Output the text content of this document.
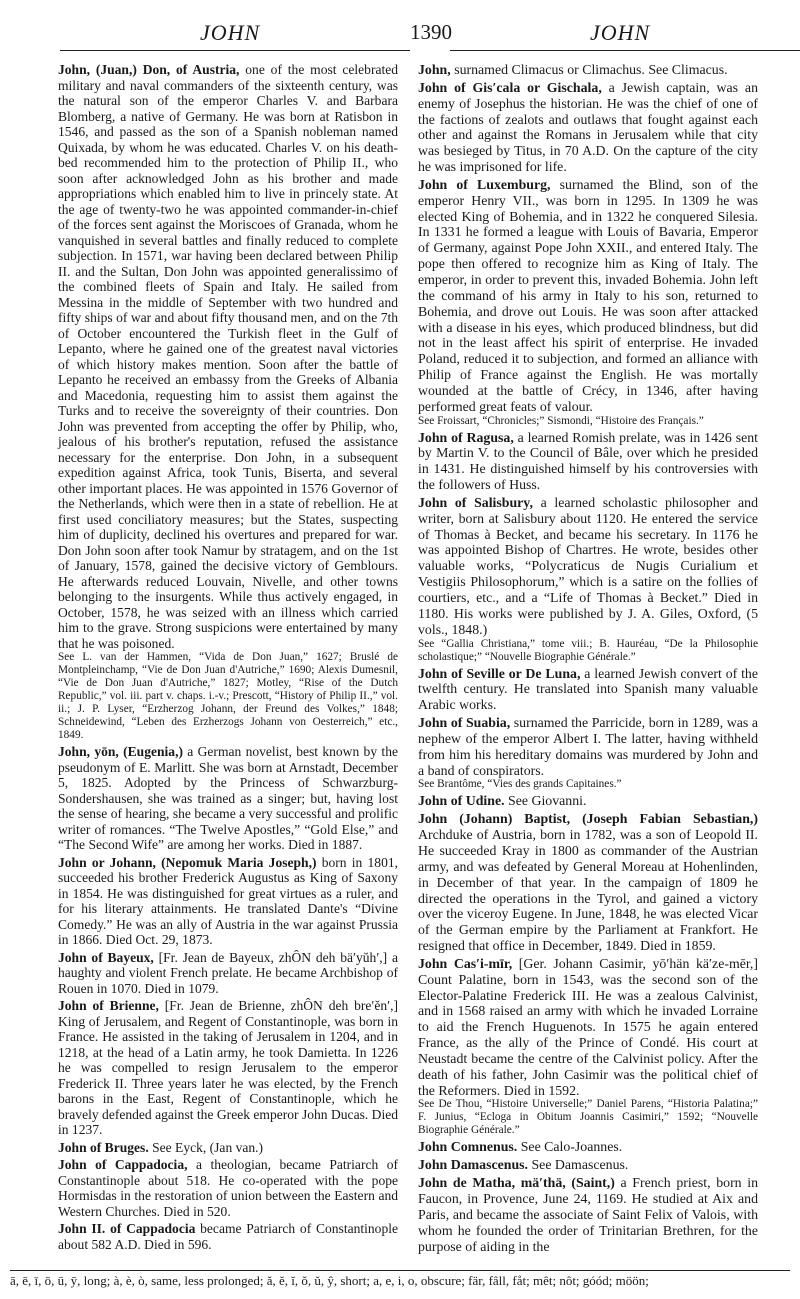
JOHN	1390	JOHN

John, (Juan,) Don, of Austria, one of the most celebrated military and naval commanders of the sixteenth century, was the natural son of the emperor Charles V. and Barbara Blomberg, a native of Germany. He was born at Ratisbon in 1546, and passed as the son of a Spanish nobleman named Quixada, by whom he was educated. Charles V. on his death-bed recommended him to the protection of Philip II., who soon after acknowledged John as his brother and made appropriations which enabled him to live in princely state. At the age of twenty-two he was appointed commander-in-chief of the forces sent against the Moriscoes of Granada, whom he vanquished in several battles and finally reduced to complete subjection. In 1571, war having been declared between Philip II. and the Sultan, Don John was appointed generalissimo of the combined fleets of Spain and Italy. He sailed from Messina in the middle of September with two hundred and fifty ships of war and about fifty thousand men, and on the 7th of October encountered the Turkish fleet in the Gulf of Lepanto, where he gained one of the greatest naval victories of which history makes mention. Soon after the battle of Lepanto he received an embassy from the Greeks of Albania and Macedonia, requesting him to assist them against the Turks and to receive the sovereignty of their countries. Don John was prevented from accepting the offer by Philip, who, jealous of his brother's reputation, refused the assistance necessary for the enterprise. Don John, in a subsequent expedition against Africa, took Tunis, Biserta, and several other important places. He was appointed in 1576 Governor of the Netherlands, which were then in a state of rebellion. He at first used conciliatory measures; but the States, suspecting him of duplicity, declined his overtures and prepared for war. Don John soon after took Namur by stratagem, and on the 1st of January, 1578, gained the decisive victory of Gemblours. He afterwards reduced Louvain, Nivelle, and other towns belonging to the insurgents. While thus actively engaged, in October, 1578, he was seized with an illness which carried him to the grave. Strong suspicions were entertained by many that he was poisoned.
See L. van der Hammen, “Vida de Don Juan,” 1627; Bruslé de Montpleinchamp, “Vie de Don Juan d'Autriche,” 1690; Alexis Dumesnil, “Vie de Don Juan d'Autriche,” 1827; Motley, “Rise of the Dutch Republic,” vol. iii. part v. chaps. i.-v.; Prescott, “History of Philip II.,” vol. ii.; J. P. Lyser, “Erzherzog Johann, der Freund des Volkes,” 1848; Schneidewind, “Leben des Erzherzogs Johann von Oesterreich,” etc., 1849.

John, yōn, (Eugenia,) a German novelist, best known by the pseudonym of E. Marlitt. She was born at Arnstadt, December 5, 1825. Adopted by the Princess of Schwarzburg-Sondershausen, she was trained as a singer; but, having lost the sense of hearing, she became a very successful and prolific writer of romances. “The Twelve Apostles,” “Gold Else,” and “The Second Wife” are among her works. Died in 1887.

John or Johann, (Nepomuk Maria Joseph,) born in 1801, succeeded his brother Frederick Augustus as King of Saxony in 1854. He was distinguished for great virtues as a ruler, and for his literary attainments. He translated Dante's “Divine Comedy.” He was an ally of Austria in the war against Prussia in 1866. Died Oct. 29, 1873.

John of Bayeux, [Fr. Jean de Bayeux, zhÔN deh bä′yŭh′,] a haughty and violent French prelate. He became Archbishop of Rouen in 1070. Died in 1079.

John of Brienne, [Fr. Jean de Brienne, zhÔN deh bre′ĕn′,] King of Jerusalem, and Regent of Constantinople, was born in France. He assisted in the taking of Jerusalem in 1204, and in 1218, at the head of a Latin army, he took Damietta. In 1226 he was compelled to resign Jerusalem to the emperor Frederick II. Three years later he was elected, by the French barons in the East, Regent of Constantinople, which he bravely defended against the Greek emperor John Ducas. Died in 1237.

John of Bruges. See Eyck, (Jan van.)

John of Cappadocia, a theologian, became Patriarch of Constantinople about 518. He co-operated with the pope Hormisdas in the restoration of union between the Eastern and Western Churches. Died in 520.

John II. of Cappadocia became Patriarch of Constantinople about 582 A.D. Died in 596.

John, surnamed Climacus or Climachus. See Climacus.

John of Gis′cala or Gischala, a Jewish captain, was an enemy of Josephus the historian. He was the chief of one of the factions of zealots and outlaws that fought against each other and against the Romans in Jerusalem while that city was besieged by Titus, in 70 A.D. On the capture of the city he was imprisoned for life.

John of Luxemburg, surnamed the Blind, son of the emperor Henry VII., was born in 1295. In 1309 he was elected King of Bohemia, and in 1322 he conquered Silesia. In 1331 he formed a league with Louis of Bavaria, Emperor of Germany, against Pope John XXII., and entered Italy. The pope then offered to recognize him as King of Italy. The emperor, in order to prevent this, invaded Bohemia. John left the command of his army in Italy to his son, returned to Bohemia, and drove out Louis. He was soon after attacked with a disease in his eyes, which produced blindness, but did not in the least affect his spirit of enterprise. He invaded Poland, reduced it to subjection, and formed an alliance with Philip of France against the English. He was mortally wounded at the battle of Crécy, in 1346, after having performed great feats of valour.
See Froissart, “Chronicles;” Sismondi, “Histoire des Français.”

John of Ragusa, a learned Romish prelate, was in 1426 sent by Martin V. to the Council of Bâle, over which he presided in 1431. He distinguished himself by his controversies with the followers of Huss.

John of Salisbury, a learned scholastic philosopher and writer, born at Salisbury about 1120. He entered the service of Thomas à Becket, and became his secretary. In 1176 he was appointed Bishop of Chartres. He wrote, besides other valuable works, “Polycraticus de Nugis Curialium et Vestigiis Philosophorum,” which is a satire on the follies of courtiers, etc., and a “Life of Thomas à Becket.” Died in 1180. His works were published by J. A. Giles, Oxford, (5 vols., 1848.)
See “Gallia Christiana,” tome viii.; B. Hauréau, “De la Philosophie scholastique;” “Nouvelle Biographie Générale.”

John of Seville or De Luna, a learned Jewish convert of the twelfth century. He translated into Spanish many valuable Arabic works.

John of Suabia, surnamed the Parricide, born in 1289, was a nephew of the emperor Albert I. The latter, having withheld from him his hereditary domains was murdered by John and a band of conspirators.
See Brantôme, “Vies des grands Capitaines.”

John of Udine. See Giovanni.

John (Johann) Baptist, (Joseph Fabian Sebastian,) Archduke of Austria, born in 1782, was a son of Leopold II. He succeeded Kray in 1800 as commander of the Austrian army, and was defeated by General Moreau at Hohenlinden, in December of that year. In the campaign of 1809 he directed the operations in the Tyrol, and gained a victory over the viceroy Eugene. In June, 1848, he was elected Vicar of the German empire by the Parliament at Frankfort. He resigned that office in December, 1849. Died in 1859.

John Cas′i-mīr, [Ger. Johann Casimir, yō′hän kä′ze-mēr,] Count Palatine, born in 1543, was the second son of the Elector-Palatine Frederick III. He was a zealous Calvinist, and in 1568 raised an army with which he invaded Lorraine to aid the French Huguenots. In 1575 he again entered France, as the ally of the Prince of Condé. His court at Neustadt became the centre of the Calvinist policy. After the death of his father, John Casimir was the political chief of the Reformers. Died in 1592.
See De Thou, “Histoire Universelle;” Daniel Parens, “Historia Palatina;” F. Junius, “Ecloga in Obitum Joannis Casimiri,” 1592; “Nouvelle Biographie Générale.”

John Comnenus. See Calo-Joannes.

John Damascenus. See Damascenus.

John de Matha, mä′thä, (Saint,) a French priest, born in Faucon, in Provence, June 24, 1169. He studied at Aix and Paris, and became the associate of Saint Felix of Valois, with whom he founded the order of Trinitarian Brethren, for the purpose of aiding in the

ā, ē, ī, ō, ū, ȳ, long; à, è, ò, same, less prolonged; ă, ĕ, ĭ, ŏ, ŭ, ŷ, short; a, e, i, o, obscure; fär, fâll, fåt; mêt; nôt; góód; möön;
